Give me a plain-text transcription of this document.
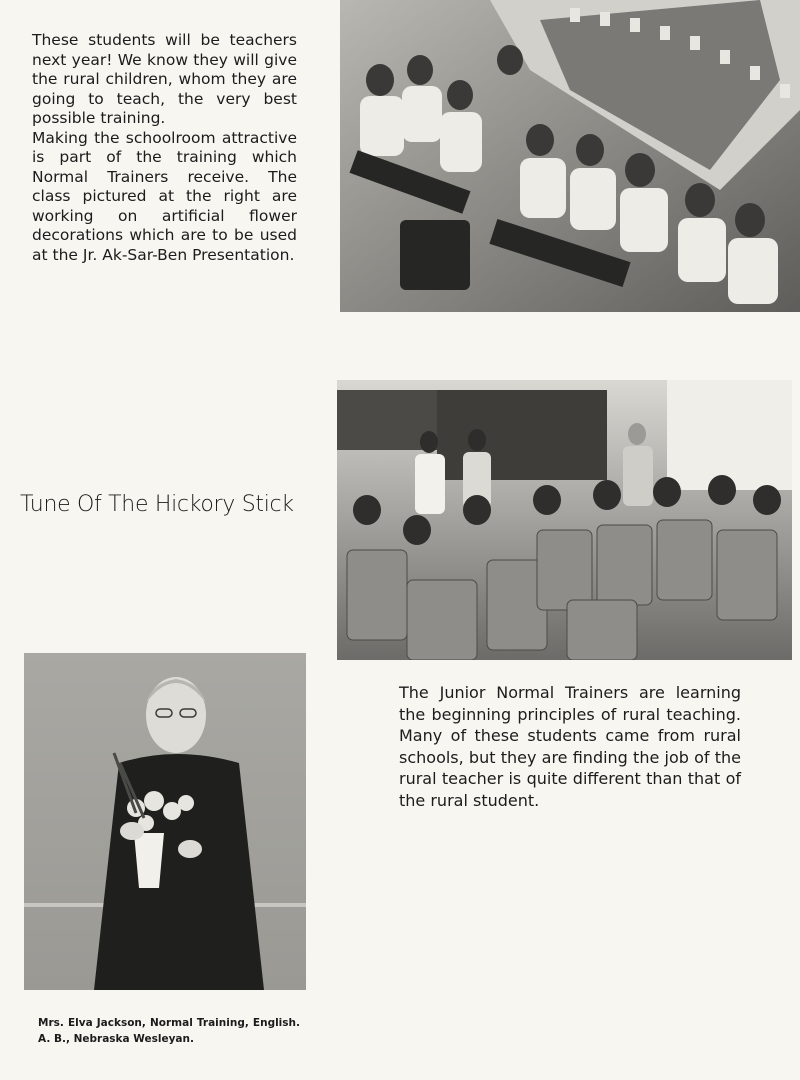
These students will be teachers next year! We know they will give the rural children, whom they are going to teach, the very best possible training.
Making the schoolroom attractive is part of the training which Normal Trainers receive. The class pictured at the right are working on artificial flower decorations which are to be used at the Jr. Ak-Sar-Ben Presentation.

Tune Of The Hickory Stick

The Junior Normal Trainers are learning the beginning principles of rural teaching. Many of these students came from rural schools, but they are finding the job of the rural teacher is quite different than that of the rural student.

Mrs. Elva Jackson, Normal Training, English. A. B., Nebraska Wesleyan.
